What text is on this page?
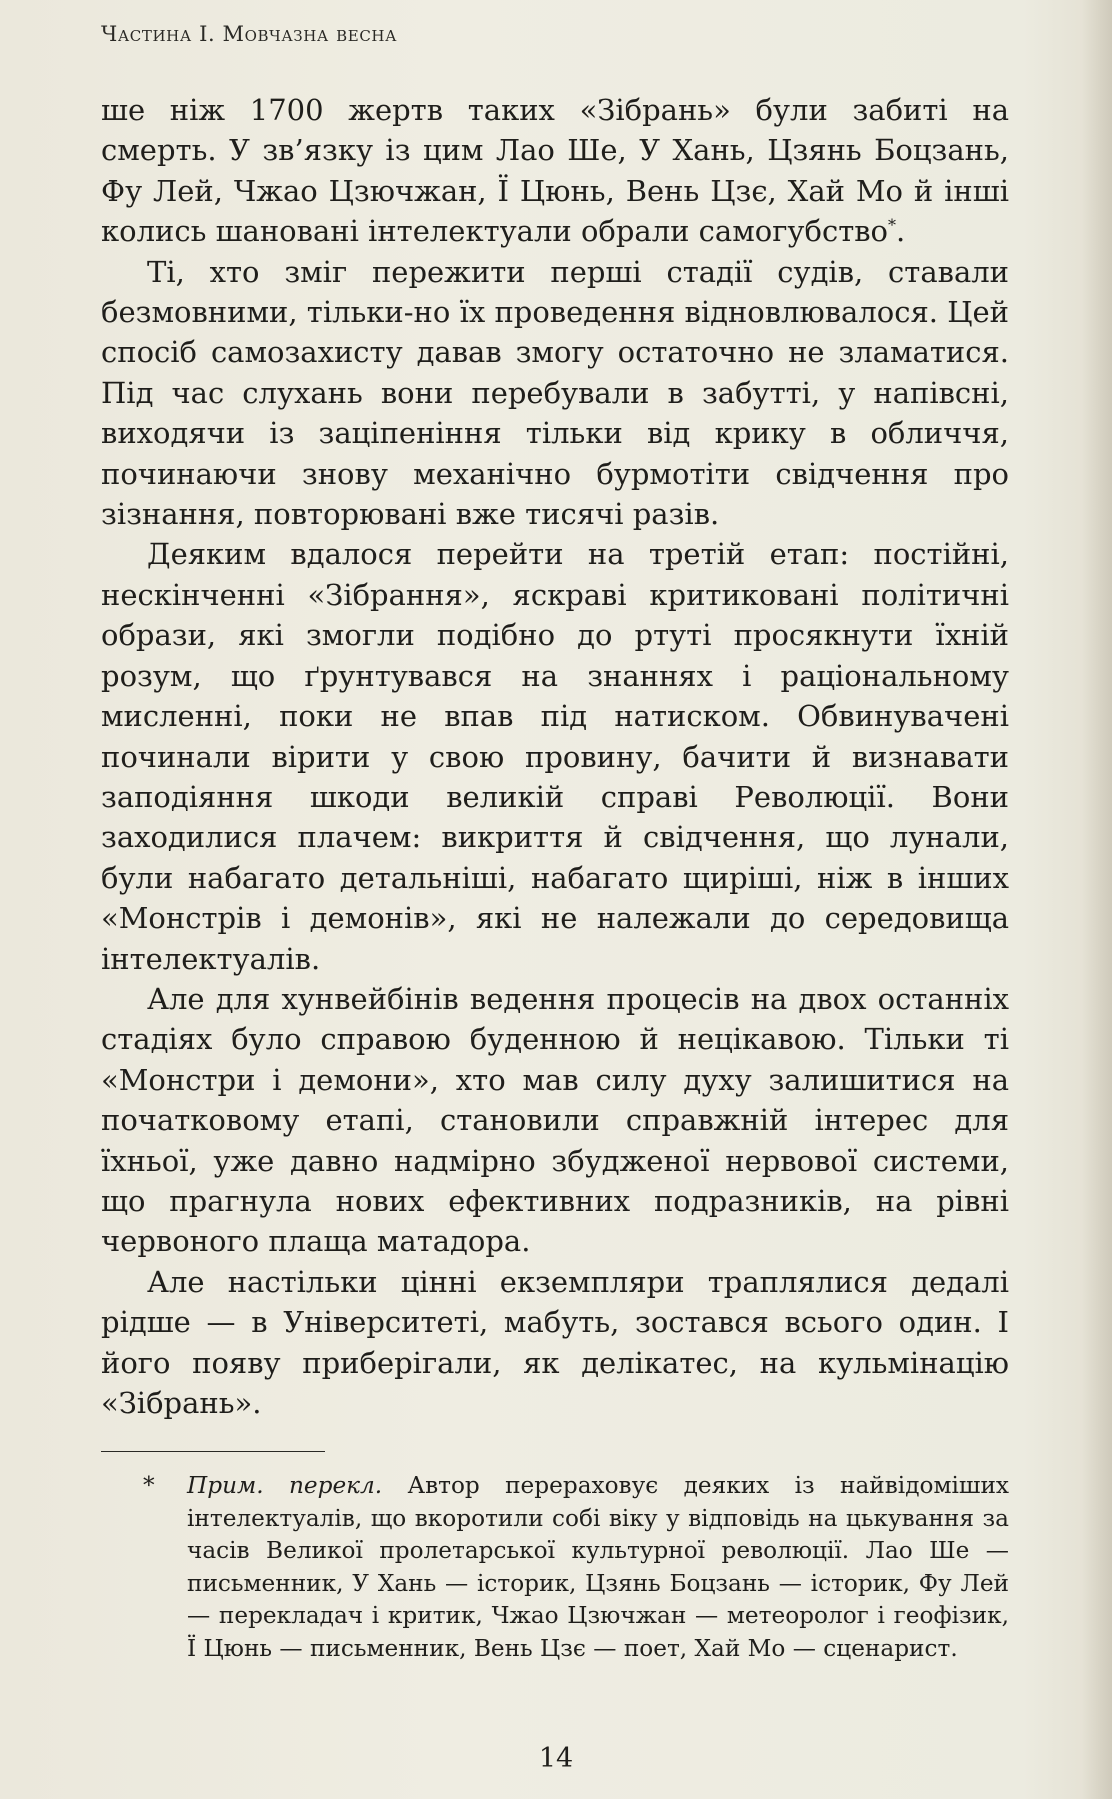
Частина I. Мовчазна весна

ше ніж 1700 жертв таких «Зібрань» були забиті на смерть. У зв’язку із цим Лао Ше, У Хань, Цзянь Боцзань, Фу Лей, Чжао Цзючжан, Ї Цюнь, Вень Цзє, Хай Мо й інші колись шановані інтелектуали обрали самогубство*.

Ті, хто зміг пережити перші стадії судів, ставали безмовними, тільки-но їх проведення відновлювалося. Цей спосіб самозахисту давав змогу остаточно не зламатися. Під час слухань вони перебували в забутті, у напівсні, виходячи із заціпеніння тільки від крику в обличчя, починаючи знову механічно бурмотіти свідчення про зізнання, повторювані вже тисячі разів.

Деяким вдалося перейти на третій етап: постійні, нескінченні «Зібрання», яскраві критиковані політичні образи, які змогли подібно до ртуті просякнути їхній розум, що ґрунтувався на знаннях і раціональному мисленні, поки не впав під натиском. Обвинувачені починали вірити у свою провину, бачити й визнавати заподіяння шкоди великій справі Революції. Вони заходилися плачем: викриття й свідчення, що лунали, були набагато детальніші, набагато щиріші, ніж в інших «Монстрів і демонів», які не належали до середовища інтелектуалів.

Але для хунвейбінів ведення процесів на двох останніх стадіях було справою буденною й нецікавою. Тільки ті «Монстри і демони», хто мав силу духу залишитися на початковому етапі, становили справжній інтерес для їхньої, уже давно надмірно збудженої нервової системи, що прагнула нових ефективних подразників, на рівні червоного плаща матадора.

Але настільки цінні екземпляри траплялися дедалі рідше — в Університеті, мабуть, зостався всього один. І його появу приберігали, як делікатес, на кульмінацію «Зібрань».

* Прим. перекл. Автор перераховує деяких із найвідоміших інтелектуалів, що вкоротили собі віку у відповідь на цькування за часів Великої пролетарської культурної революції. Лао Ше — письменник, У Хань — історик, Цзянь Боцзань — історик, Фу Лей — перекладач і критик, Чжао Цзючжан — метеоролог і геофізик, Ї Цюнь — письменник, Вень Цзє — поет, Хай Мо — сценарист.
14
